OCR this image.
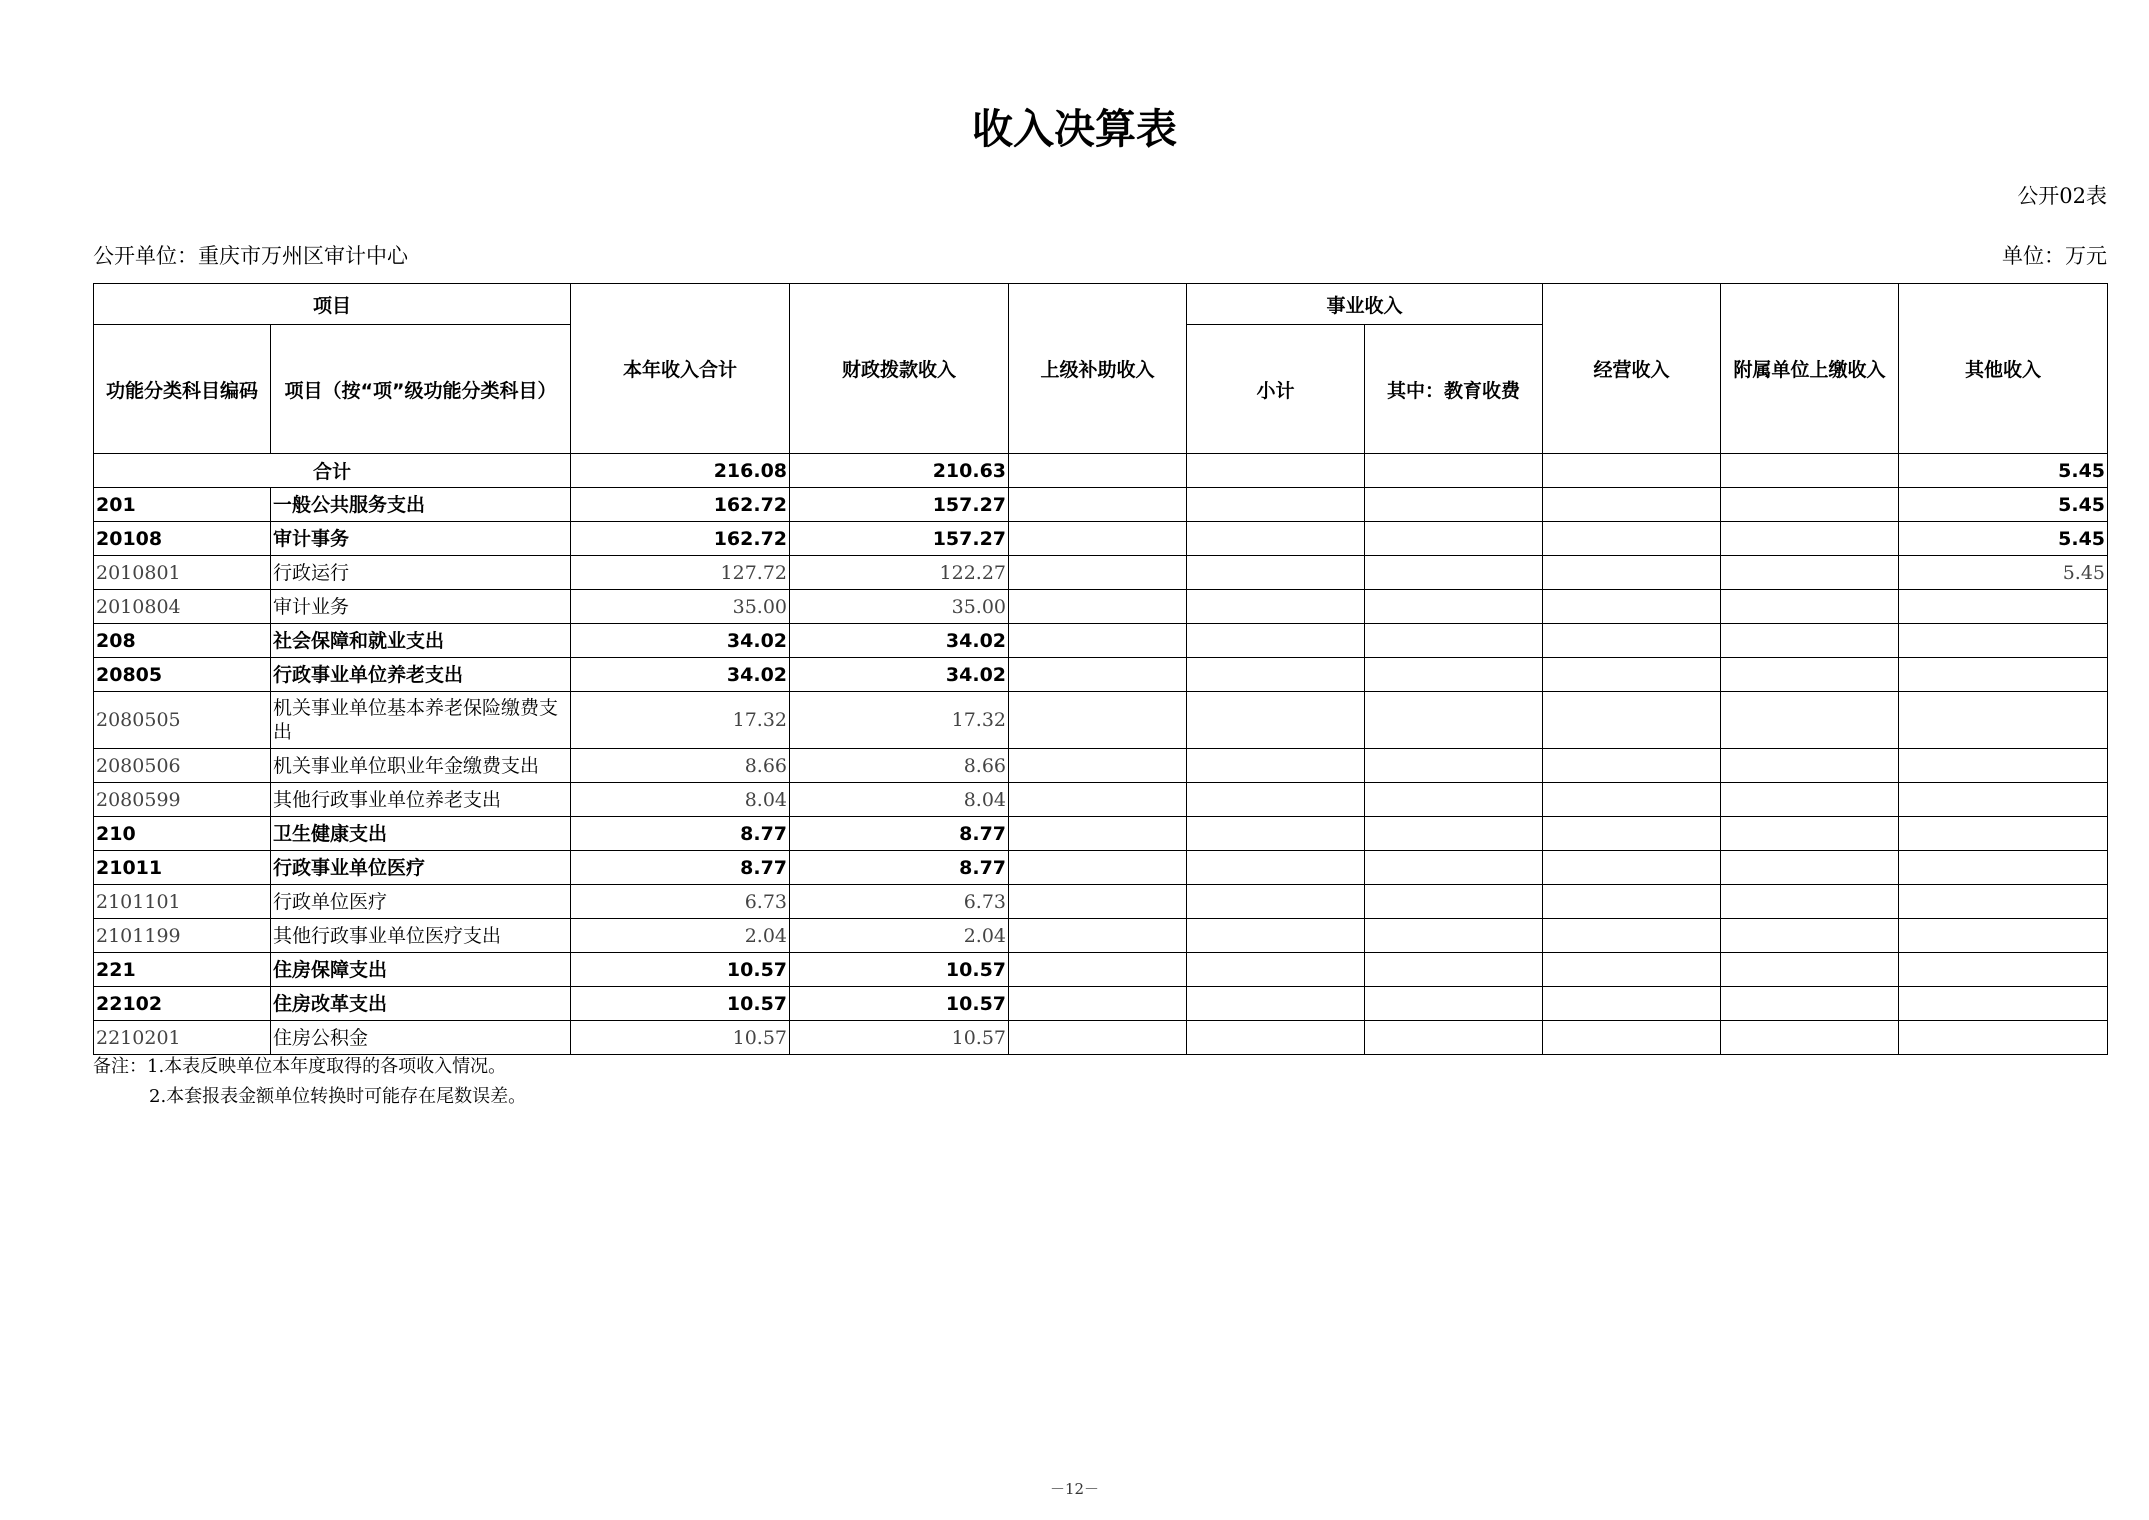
收入决算表
公开02表
公开单位：重庆市万州区审计中心	单位：万元
项目		本年收入合计	财政拨款收入	上级补助收入	事业收入		经营收入	附属单位上缴收入	其他收入
功能分类科目编码	项目（按“项”级功能分类科目）				小计	其中：教育收费			
合计		216.08	210.63						5.45
201	一般公共服务支出	162.72	157.27						5.45
20108	审计事务	162.72	157.27						5.45
2010801	行政运行	127.72	122.27						5.45
2010804	审计业务	35.00	35.00						
208	社会保障和就业支出	34.02	34.02						
20805	行政事业单位养老支出	34.02	34.02						
2080505	机关事业单位基本养老保险缴费支出	17.32	17.32						
2080506	机关事业单位职业年金缴费支出	8.66	8.66						
2080599	其他行政事业单位养老支出	8.04	8.04						
210	卫生健康支出	8.77	8.77						
21011	行政事业单位医疗	8.77	8.77						
2101101	行政单位医疗	6.73	6.73						
2101199	其他行政事业单位医疗支出	2.04	2.04						
221	住房保障支出	10.57	10.57						
22102	住房改革支出	10.57	10.57						
2210201	住房公积金	10.57	10.57						
备注：1.本表反映单位本年度取得的各项收入情况。
2.本套报表金额单位转换时可能存在尾数误差。
－12－
